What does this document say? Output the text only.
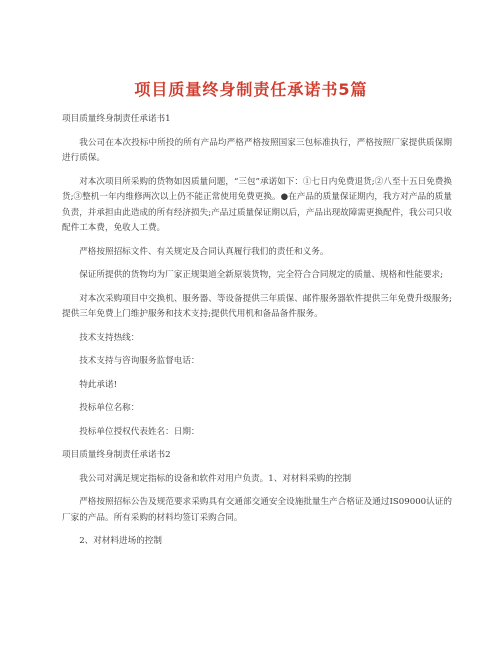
项目质量终身制责任承诺书5篇

项目质量终身制责任承诺书1

我公司在本次投标中所投的所有产品均严格严格按照国家三包标准执行，严格按照厂家提供质保期进行质保。

对本次项目所采购的货物如因质量问题，“三包”承诺如下：①七日内免费退货;②八至十五日免费换货;③整机一年内维修两次以上仍不能正常使用免费更换。●在产品的质量保证期内，我方对产品的质量负责，并承担由此造成的所有经济损失;产品过质量保证期以后，产品出现故障需更换配件，我公司只收配件工本费，免收人工费。

严格按照招标文件、有关规定及合同认真履行我们的责任和义务。

保证所提供的货物均为厂家正规渠道全新原装货物，完全符合合同规定的质量、规格和性能要求;

对本次采购项目中交换机、服务器、等设备提供三年质保、邮件服务器软件提供三年免费升级服务;提供三年免费上门维护服务和技术支持;提供代用机和备品备件服务。

技术支持热线：

技术支持与咨询服务监督电话：

特此承诺!

投标单位名称：

投标单位授权代表姓名：日期：

项目质量终身制责任承诺书2

我公司对满足规定指标的设备和软件对用户负责。1、对材料采购的控制

严格按照招标公告及规范要求采购具有交通部交通安全设施批量生产合格证及通过IS09000认证的厂家的产品。所有采购的材料均签订采购合同。

2、对材料进场的控制
